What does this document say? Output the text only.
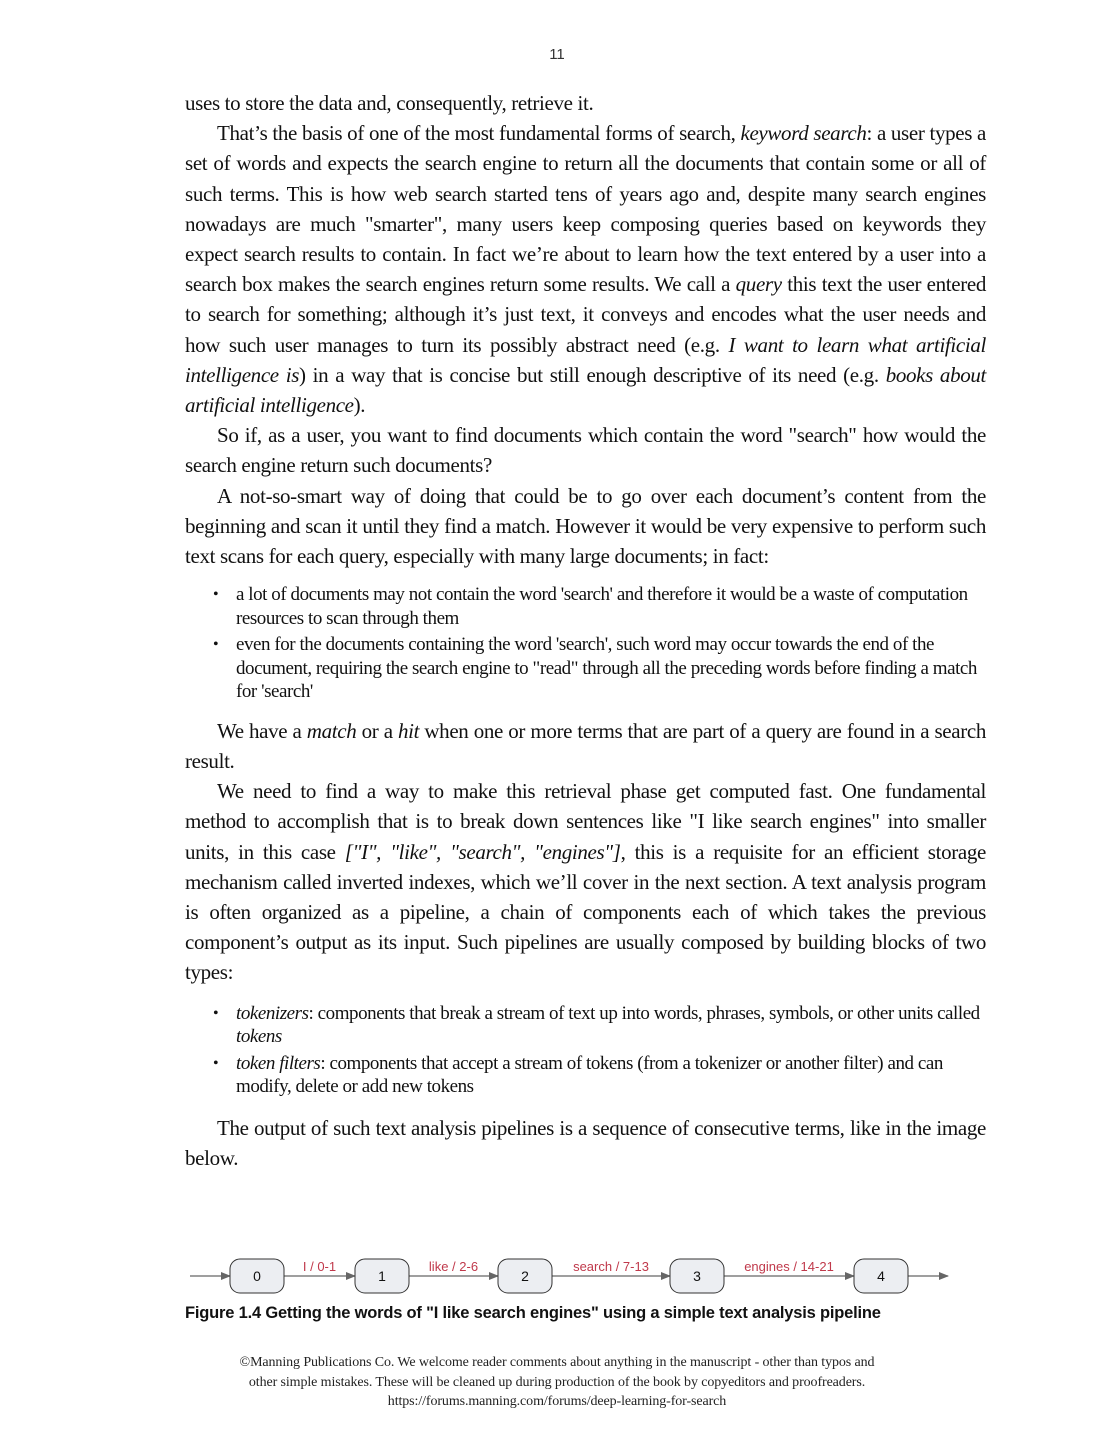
11

uses to store the data and, consequently, retrieve it.

That’s the basis of one of the most fundamental forms of search, keyword search: a user types a set of words and expects the search engine to return all the documents that contain some or all of such terms. This is how web search started tens of years ago and, despite many search engines nowadays are much "smarter", many users keep composing queries based on keywords they expect search results to contain. In fact we’re about to learn how the text entered by a user into a search box makes the search engines return some results. We call a query this text the user entered to search for something; although it’s just text, it conveys and encodes what the user needs and how such user manages to turn its possibly abstract need (e.g. I want to learn what artificial intelligence is) in a way that is concise but still enough descriptive of its need (e.g. books about artificial intelligence).

So if, as a user, you want to find documents which contain the word "search" how would the search engine return such documents?

A not-so-smart way of doing that could be to go over each document’s content from the beginning and scan it until they find a match. However it would be very expensive to perform such text scans for each query, especially with many large documents; in fact:

• a lot of documents may not contain the word 'search' and therefore it would be a waste of computation resources to scan through them
• even for the documents containing the word 'search', such word may occur towards the end of the document, requiring the search engine to "read" through all the preceding words before finding a match for 'search'

We have a match or a hit when one or more terms that are part of a query are found in a search result.

We need to find a way to make this retrieval phase get computed fast. One fundamental method to accomplish that is to break down sentences like "I like search engines" into smaller units, in this case ["I", "like", "search", "engines"], this is a requisite for an efficient storage mechanism called inverted indexes, which we’ll cover in the next section. A text analysis program is often organized as a pipeline, a chain of components each of which takes the previous component’s output as its input. Such pipelines are usually composed by building blocks of two types:

• tokenizers: components that break a stream of text up into words, phrases, symbols, or other units called tokens
• token filters: components that accept a stream of tokens (from a tokenizer or another filter) and can modify, delete or add new tokens

The output of such text analysis pipelines is a sequence of consecutive terms, like in the image below.

I / 0-1	like / 2-6	search / 7-13	engines / 14-21
0	1	2	3	4
Figure 1.4 Getting the words of "I like search engines" using a simple text analysis pipeline
©Manning Publications Co. We welcome reader comments about anything in the manuscript - other than typos and
other simple mistakes. These will be cleaned up during production of the book by copyeditors and proofreaders.
https://forums.manning.com/forums/deep-learning-for-search
